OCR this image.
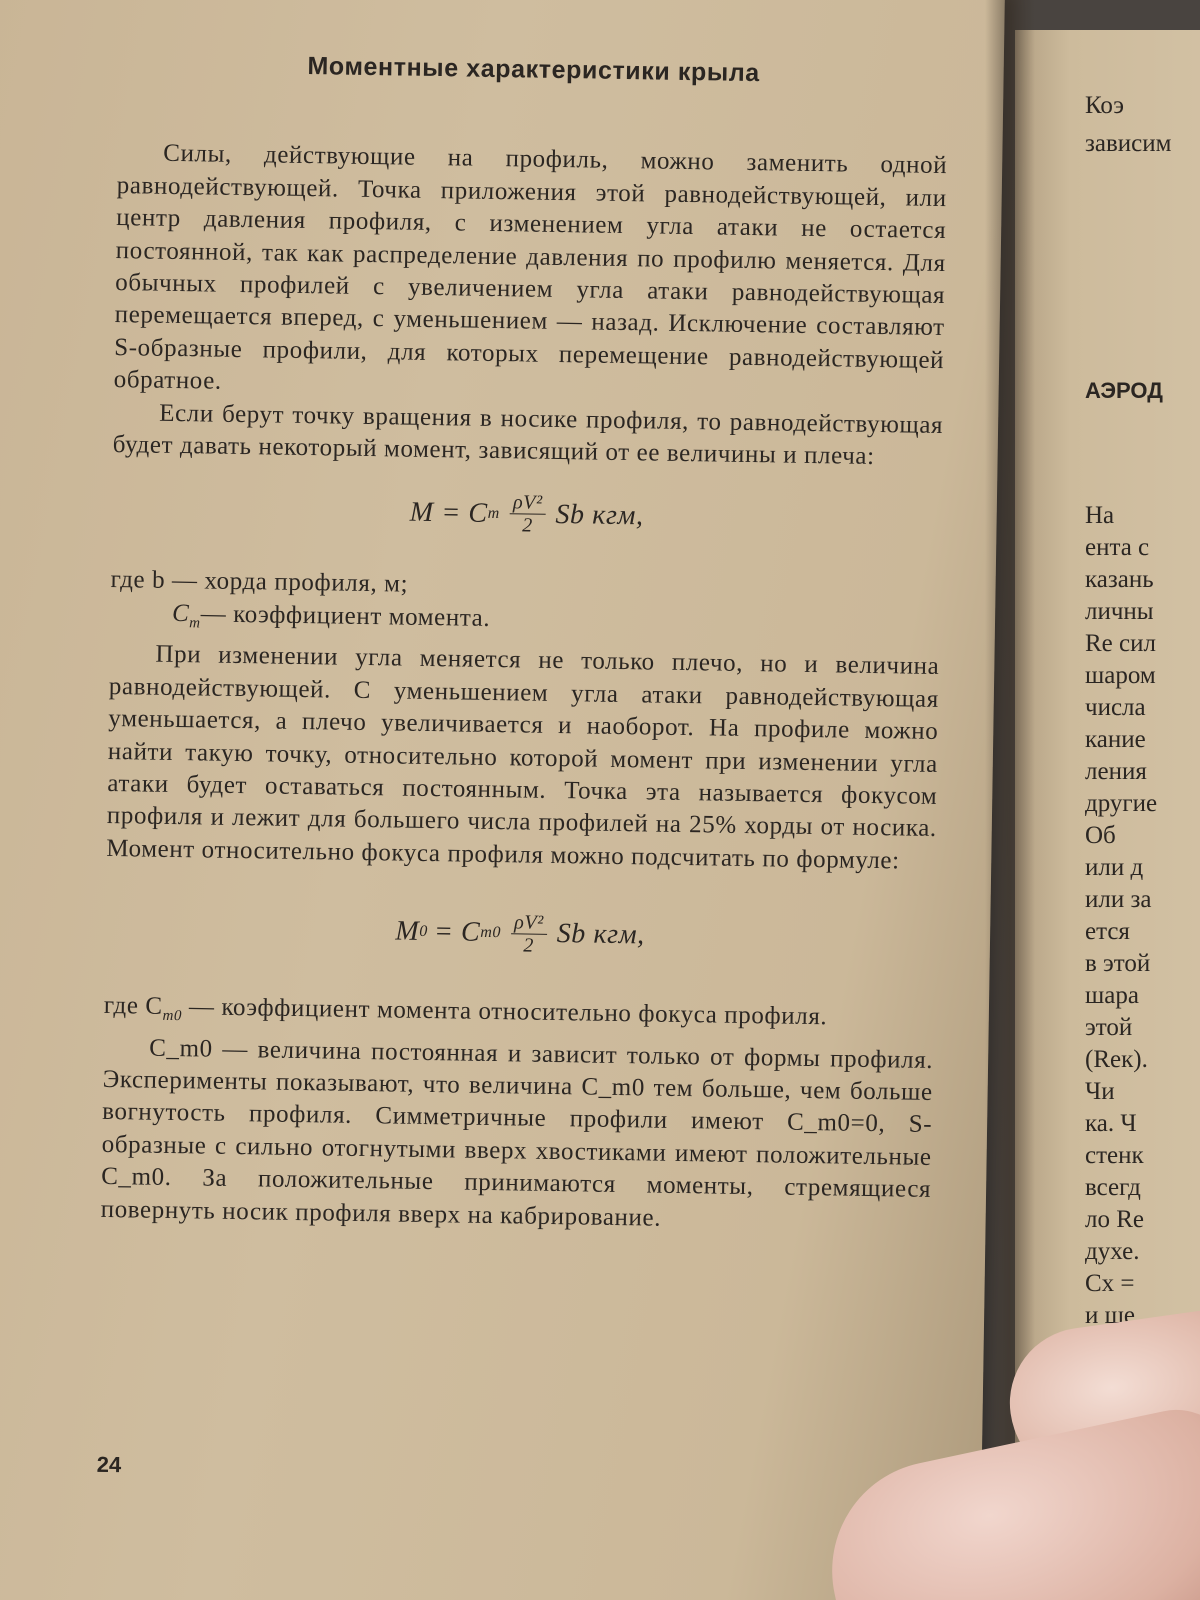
Коэ
зависим
АЭРОД
На
ента с
казань
личны
Re сил
шаром
числа
кание
ления
другие
Об
или д
или за
ется
в этой
шара
этой
(Reк).
Чи
ка. Ч
стенк
всегд
ло Re
духе.
Cx =
и ше
Моментные характеристики крыла

Силы, действующие на профиль, можно заменить одной равнодействующей. Точка приложения этой равнодействующей, или центр давления профиля, с изменением угла атаки не остается постоянной, так как распределение давления по профилю меняется. Для обычных профилей с увеличением угла атаки равнодействующая перемещается вперед, с уменьшением — назад. Исключение составляют S-образные профили, для которых перемещение равнодействующей обратное.

Если берут точку вращения в носике профиля, то равнодействующая будет давать некоторый момент, зависящий от ее величины и плеча:

M = C m $\frac{\text{ρV²}}{2}$ Sb кгм,

где b — хорда профиля, м;

$C_m—$ коэффициент момента.

При изменении угла меняется не только плечо, но и величина равнодействующей. С уменьшением угла атаки равнодействующая уменьшается, а плечо увеличивается и наоборот. На профиле можно найти такую точку, относительно которой момент при изменении угла атаки будет оставаться постоянным. Точка эта называется фокусом профиля и лежит для большего числа профилей на 25% хорды от носика. Момент относительно фокуса профиля можно подсчитать по формуле:

M 0 = C $m0 \frac{\text{ρV²}}{2}$ Sb кгм,

где $C_{m0}$ — коэффициент момента относительно фокуса профиля.

C_m0 — величина постоянная и зависит только от формы профиля. Эксперименты показывают, что величина C_m0 тем больше, чем больше вогнутость профиля. Симметричные профили имеют C_m0=0, S-образные с сильно отогнутыми вверх хвостиками имеют положительные C_m0. За положительные принимаются моменты, стремящиеся повернуть носик профиля вверх на кабрирование.

24
